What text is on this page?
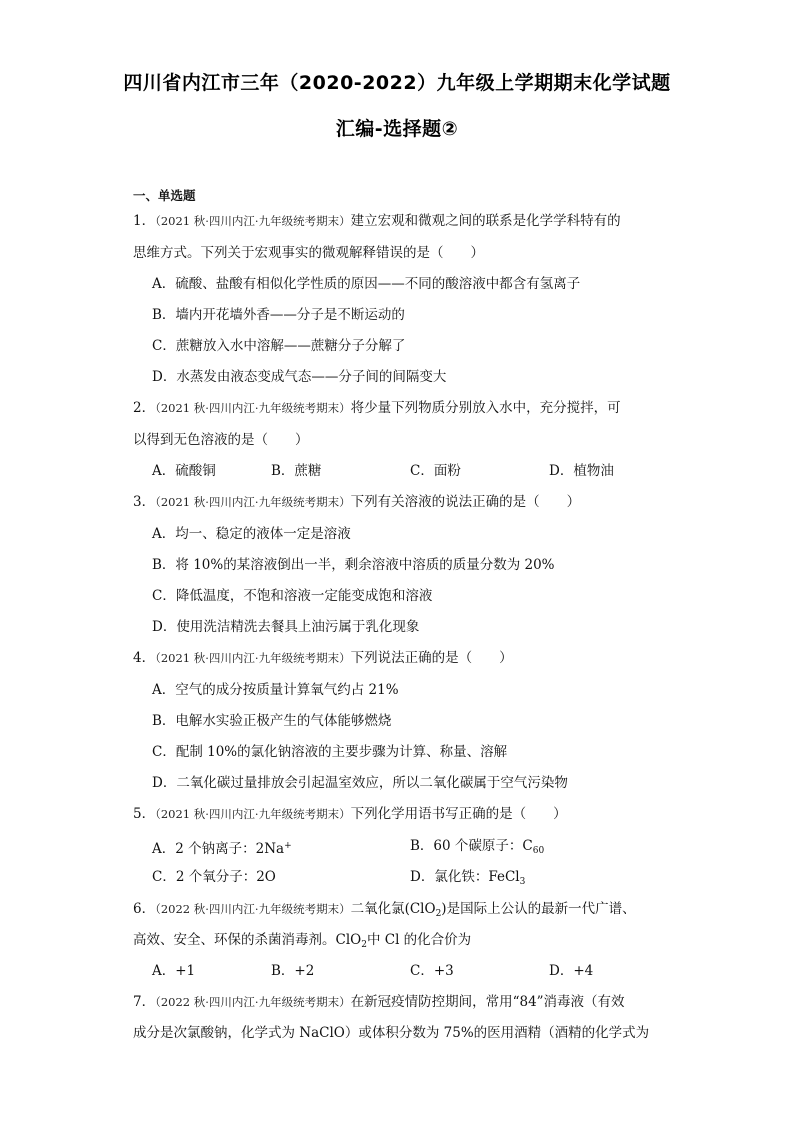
四川省内江市三年（2020-2022）九年级上学期期末化学试题
汇编-选择题②
一、单选题
1．（2021 秋·四川内江·九年级统考期末）建立宏观和微观之间的联系是化学学科特有的
思维方式。下列关于宏观事实的微观解释错误的是（　　）
A．硫酸、盐酸有相似化学性质的原因——不同的酸溶液中都含有氢离子
B．墙内开花墙外香——分子是不断运动的
C．蔗糖放入水中溶解——蔗糖分子分解了
D．水蒸发由液态变成气态——分子间的间隔变大
2．（2021 秋·四川内江·九年级统考期末）将少量下列物质分别放入水中，充分搅拌，可
以得到无色溶液的是（　　）
A．硫酸铜	B．蔗糖	C．面粉	D．植物油
3．（2021 秋·四川内江·九年级统考期末）下列有关溶液的说法正确的是（　　）
A．均一、稳定的液体一定是溶液
B．将 10%的某溶液倒出一半，剩余溶液中溶质的质量分数为 20%
C．降低温度，不饱和溶液一定能变成饱和溶液
D．使用洗洁精洗去餐具上油污属于乳化现象
4．（2021 秋·四川内江·九年级统考期末）下列说法正确的是（　　）
A．空气的成分按质量计算氧气约占 21%
B．电解水实验正极产生的气体能够燃烧
C．配制 10%的氯化钠溶液的主要步骤为计算、称量、溶解
D．二氧化碳过量排放会引起温室效应，所以二氧化碳属于空气污染物
5．（2021 秋·四川内江·九年级统考期末）下列化学用语书写正确的是（　　）
A．2 个钠离子：2Na+	B．60 个碳原子：$C_{60}$
C．2 个氧分子：2O	D．氯化铁：FeCl$_3$
6．（2022 秋·四川内江·九年级统考期末）二氧化氯(ClO$_2$)是国际上公认的最新一代广谱、
高效、安全、环保的杀菌消毒剂。ClO$_2$中 Cl 的化合价为
A．+1	B．+2	C．+3	D．+4
7．（2022 秋·四川内江·九年级统考期末）在新冠疫情防控期间，常用“84”消毒液（有效
成分是次氯酸钠，化学式为 NaClO）或体积分数为 75%的医用酒精（酒精的化学式为
